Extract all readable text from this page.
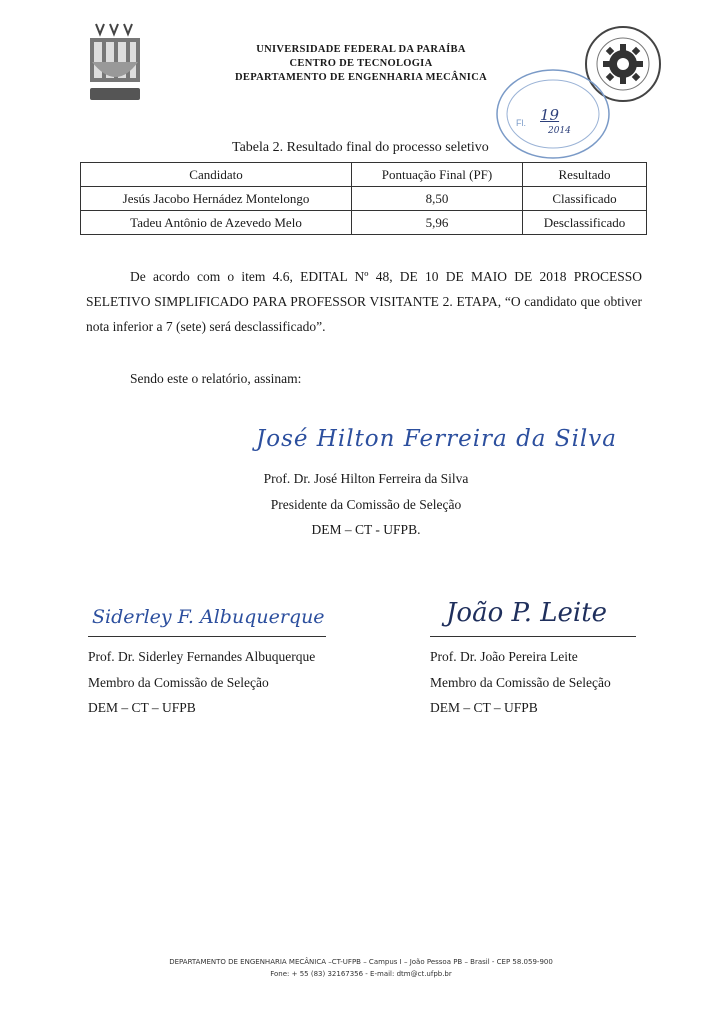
UNIVERSIDADE FEDERAL DA PARAÍBA
CENTRO DE TECNOLOGIA
DEPARTAMENTO DE ENGENHARIA MECÂNICA
Fl. 19
2014
Tabela 2. Resultado final do processo seletivo
Candidato	Pontuação Final (PF)	Resultado
Jesús Jacobo Hernádez Montelongo	8,50	Classificado
Tadeu Antônio de Azevedo Melo	5,96	Desclassificado
De acordo com o item 4.6, EDITAL Nº 48, DE 10 DE MAIO DE 2018 PROCESSO SELETIVO SIMPLIFICADO PARA PROFESSOR VISITANTE 2. ETAPA, “O candidato que obtiver nota inferior a 7 (sete) será desclassificado”.
Sendo este o relatório, assinam:
José Hilton Ferreira da Silva
Prof. Dr. José Hilton Ferreira da Silva
Presidente da Comissão de Seleção
DEM – CT - UFPB.
Siderley F. Albuquerque
Prof. Dr. Siderley Fernandes Albuquerque
Membro da Comissão de Seleção
DEM – CT – UFPB
João P. Leite
Prof. Dr. João Pereira Leite
Membro da Comissão de Seleção
DEM – CT – UFPB
DEPARTAMENTO DE ENGENHARIA MECÂNICA –CT-UFPB – Campus I – João Pessoa PB – Brasil - CEP 58.059-900
Fone: + 55 (83) 32167356 - E-mail: dtm@ct.ufpb.br
